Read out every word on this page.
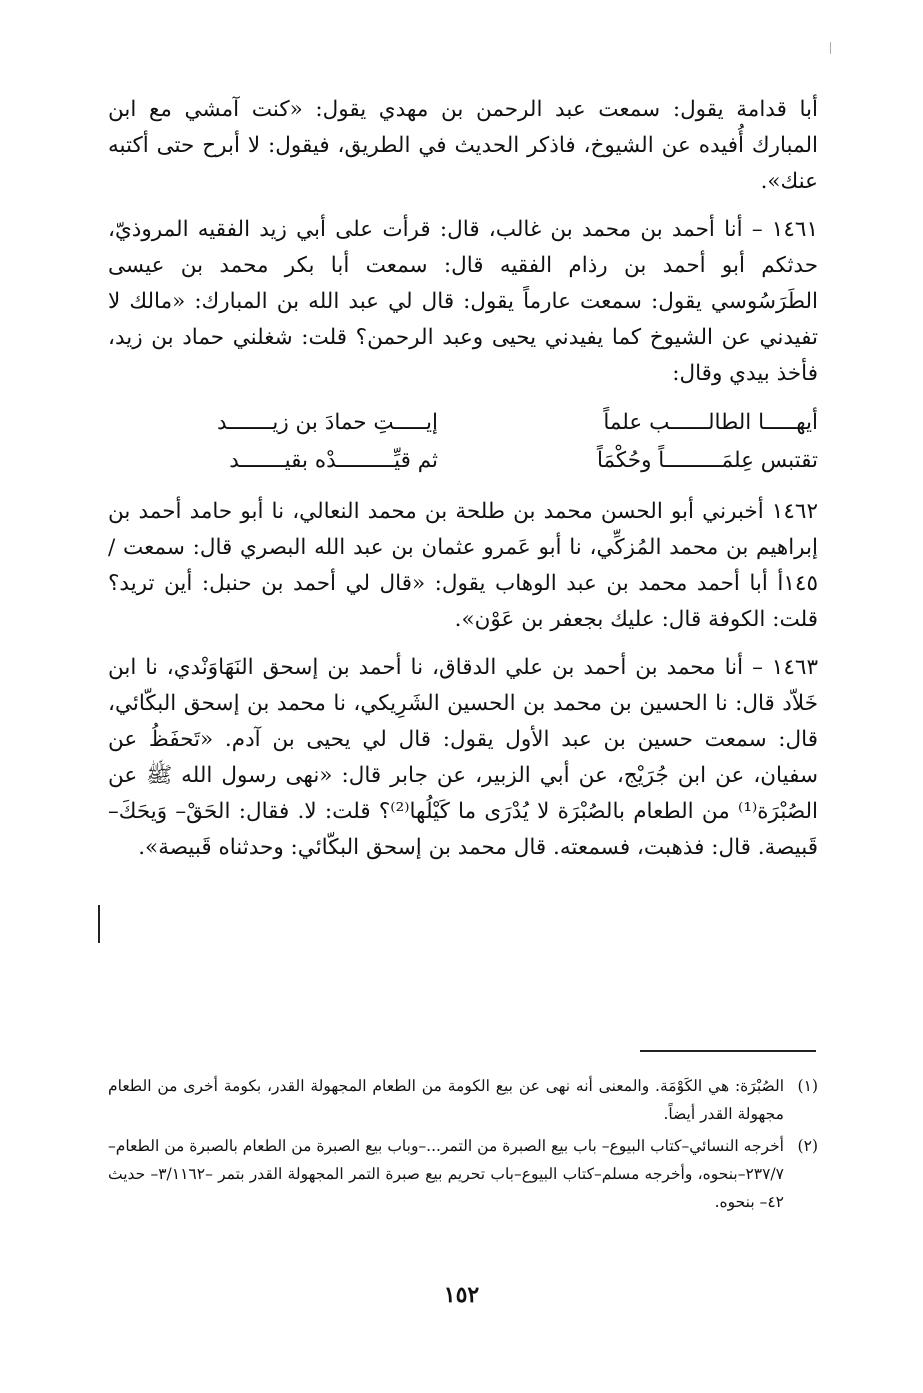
أبا قدامة يقول: سمعت عبد الرحمن بن مهدي يقول: «كنت آمشي مع ابن المبارك أُفيده عن الشيوخ، فاذكر الحديث في الطريق، فيقول: لا أبرح حتى أكتبه عنك».

١٤٦١ – أنا أحمد بن محمد بن غالب، قال: قرأت على أبي زيد الفقيه المروذيّ، حدثكم أبو أحمد بن رذام الفقيه قال: سمعت أبا بكر محمد بن عيسى الطَرَسُوسي يقول: سمعت عارماً يقول: قال لي عبد الله بن المبارك: «مالك لا تفيدني عن الشيوخ كما يفيدني يحيى وعبد الرحمن؟ قلت: شغلني حماد بن زيد، فأخذ بيدي وقال:

أيهـــــا الطالــــــب علماً
إيـــــتِ حمادَ بن زيـــــــد
تقتبس عِلمَـــــــــاً وحُكْمَاً
ثم قيِّـــــــــدْه بقيـــــــد

١٤٦٢ أخبرني أبو الحسن محمد بن طلحة بن محمد النعالي، نا أبو حامد أحمد بن إبراهيم بن محمد المُزكِّي، نا أبو عَمرو عثمان بن عبد الله البصري قال: سمعت /١٤٥أ أبا أحمد محمد بن عبد الوهاب يقول: «قال لي أحمد بن حنبل: أين تريد؟ قلت: الكوفة قال: عليك بجعفر بن عَوْن».

١٤٦٣ – أنا محمد بن أحمد بن علي الدقاق، نا أحمد بن إسحق النَهَاوَنْدي، نا ابن خَلاّد قال: نا الحسين بن محمد بن الحسين الشَرِيكي، نا محمد بن إسحق البكّائي، قال: سمعت حسين بن عبد الأول يقول: قال لي يحيى بن آدم. «تَحفَظُ عن سفيان، عن ابن جُرَيْج، عن أبي الزبير، عن جابر قال: «نهى رسول الله ﷺ عن الصُبْرَة⁽¹⁾ من الطعام بالصُبْرَة لا يُدْرَى ما كَيْلُها⁽²⁾؟ قلت: لا. فقال: الحَقْ– وَيحَكَ– قَبيصة. قال: فذهبت، فسمعته. قال محمد بن إسحق البكّائي: وحدثناه قَبيصة».

(١)
الصُبْرَة: هي الكَوْمَة. والمعنى أنه نهى عن بيع الكومة من الطعام المجهولة القدر، بكومة أخرى من الطعام مجهولة القدر أيضاً.
(٢)
أخرجه النسائي–كتاب البيوع– باب بيع الصبرة من التمر...–وباب بيع الصبرة من الطعام بالصبرة من الطعام– ٢٣٧/٧–بنحوه، وأخرجه مسلم–كتاب البيوع–باب تحريم بيع صبرة التمر المجهولة القدر بتمر –٣/١١٦٢– حديث ٤٢– بنحوه.
١٥٢
